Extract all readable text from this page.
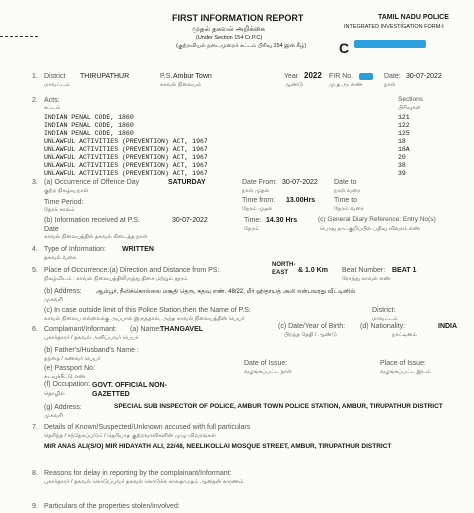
FIRST INFORMATION REPORT
முதல் தகவல் அறிக்கை
(Under Section 154 Cr.P.C)
(குற்றவியல் நடைமுறைச் சட்டம் பிரிவு 154 இன் கீழ்)
TAMIL NADU POLICE
INTEGRATED INVESTIGATION FORM-I
C
1. District THIRUPATHUR
மாவட்டம்
P.S. Ambur Town
காவல் நிலையம்
Year 2022
ஆண்டு
FIR No.
மு.த.அ. எண்
Date: 30-07-2022
நாள்
2. Acts:
சட்டம்
Sections
பிரிவுகள்
INDIAN PENAL CODE, 1860	121
INDIAN PENAL CODE, 1860	122
INDIAN PENAL CODE, 1860	125
UNLAWFUL ACTIVITIES (PREVENTION) ACT, 1967	18
UNLAWFUL ACTIVITIES (PREVENTION) ACT, 1967	18A
UNLAWFUL ACTIVITIES (PREVENTION) ACT, 1967	20
UNLAWFUL ACTIVITIES (PREVENTION) ACT, 1967	38
UNLAWFUL ACTIVITIES (PREVENTION) ACT, 1967	39
3. (a) Occurrence of Offence Day	SATURDAY
குற்ற நிகழ்வு நாள்
Date From: 30-07-2022
நாள் முதல்
Date to
நாள் வரை
Time Period:
நேரக் காலம்
Time from: 13.00Hrs
நேரம் முதல்
Time to
நேரம் வரை
(b) Information received at P.S.	30-07-2022
Date
காவல் நிலையத்தில் தகவல் கிடைத்த நாள்
Time: 14.30 Hrs
நேரம்
(c) General Diary Reference: Entry No(s)
பொது நாட்குறிப்பில் பதிவு விவரம் எண்
4. Type of Information: WRITTEN
தகவல் வகை
5. Place of Occurrence:(a) Direction and Distance from PS:
NORTH-EAST	& 1.0 Km Beat Number: BEAT 1
நிகழ்விடம் : காவல் நிலையத்திலிருந்து திசை மற்றும் தூரம்	ரோந்து காவல் எண்
(b) Address: ஆம்பூர், நீலிக்கொல்லை மசூதி தெரு, கதவு எண். 48/22, மீர் ஹிதாயத் அலி என்பவரது வீட்டினில்
முகவரி
(c) In case outside limit of this Police Station,then the Name of P.S:
காவல் நிலைய எல்லைக்கு அப்பால் இருந்தால், அந்த காவல் நிலையத்தின் பெயர்
District:
மாவட்டம்
6. Complainant/Informant: (a) Name:
THANGAVEL
புகார்தாரர் / தகவல் அளிப்பவர் பெயர்
(c) Date/Year of Birth:
பிறந்த தேதி / ஆண்டு
(d) Nationality:	INDIA
நாட்டினம்
(b) Father's/Husband's Name :
தந்தை / கணவர் பெயர்
(e) Passport No:
கடவுச்சீட்டு எண்
Date of Issue:
வழங்கப்பட்ட நாள்
Place of Issue:
வழங்கப்பட்ட இடம்
(f) Occupation: GOVT. OFFICIAL NON-GAZETTED
தொழில்
(g) Address:	SPECIAL SUB INSPECTOR OF POLICE, AMBUR TOWN POLICE STATION, AMBUR, TIRUPATHUR DISTRICT
முகவரி
7. Details of Known/Suspected/Unknown accused with full particulars
தெரிந்த / சந்தேகப்படும் / தெரியாத குற்றவாளிகளின் முழு விவரங்கள்
MIR ANAS ALI(S/O) MIR HIDAYATH ALI, 22/48, NEELIKOLLAI MOSQUE STREET, AMBUR, TIRUPATHUR DISTRICT
8. Reasons for delay in reporting by the complainant/Informant:
புகார்தாரர் / தகவல் கொடுப்பவர் தகவல் கொடுக்க காலதாமதம் ஆனதன் காரணம்
9. Particulars of the properties stolen/involved:
